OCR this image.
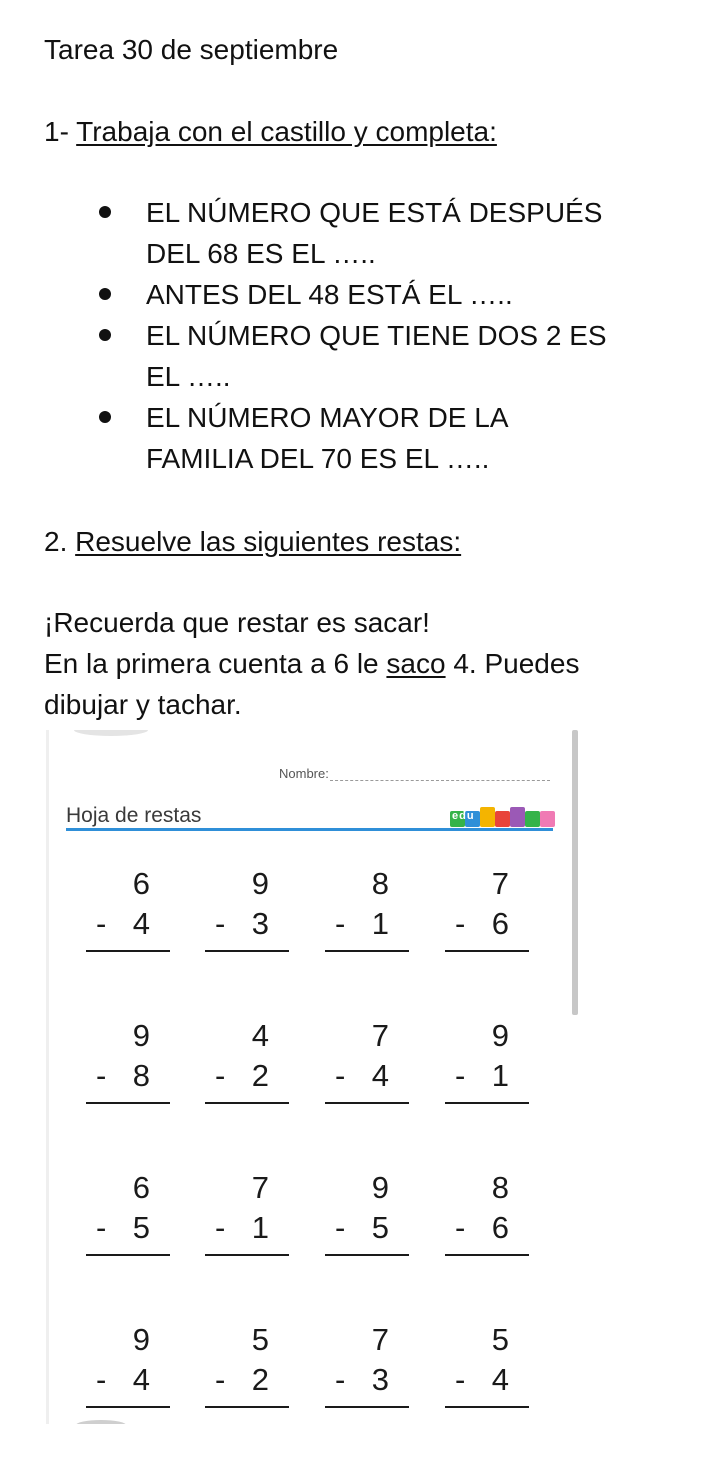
Tarea 30 de septiembre
1- Trabaja con el castillo y completa:
EL NÚMERO QUE ESTÁ DESPUÉS
DEL 68 ES EL …..
ANTES DEL 48 ESTÁ EL …..
EL NÚMERO QUE TIENE DOS 2 ES
EL …..
EL NÚMERO MAYOR DE LA
FAMILIA DEL 70 ES EL …..
2. Resuelve las siguientes restas:
¡Recuerda que restar es sacar!
En la primera cuenta a 6 le saco 4. Puedes
dibujar y tachar.
Nombre:
Hoja de restas	edu
6
- 4
9
- 3
8
- 1
7
- 6
9
- 8
4
- 2
7
- 4
9
- 1
6
- 5
7
- 1
9
- 5
8
- 6
9
- 4
5
- 2
7
- 3
5
- 4
